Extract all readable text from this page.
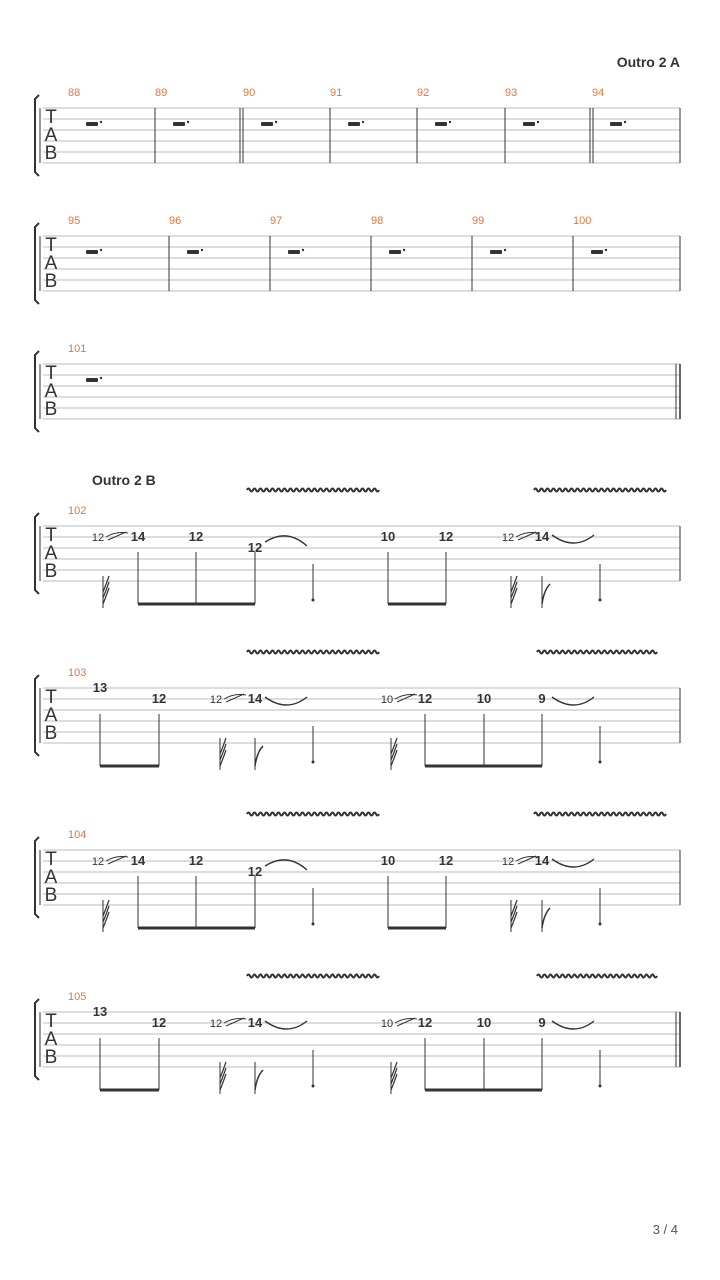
Outro 2 A
Outro 2 B
T
A
B
88	89	90	91	92	93	94
T
A
B
95	96	97	98	99	100
T
A
B
101
T
A
B
102
12 14	12
12
10	12	12 14
T
A
B
103
13
12	12 14	10 12	10	9
T
A
B
104
12 14	12
12
10	12	12 14
T
A
B
105
13
12	12 14	10 12	10	9
3 / 4
